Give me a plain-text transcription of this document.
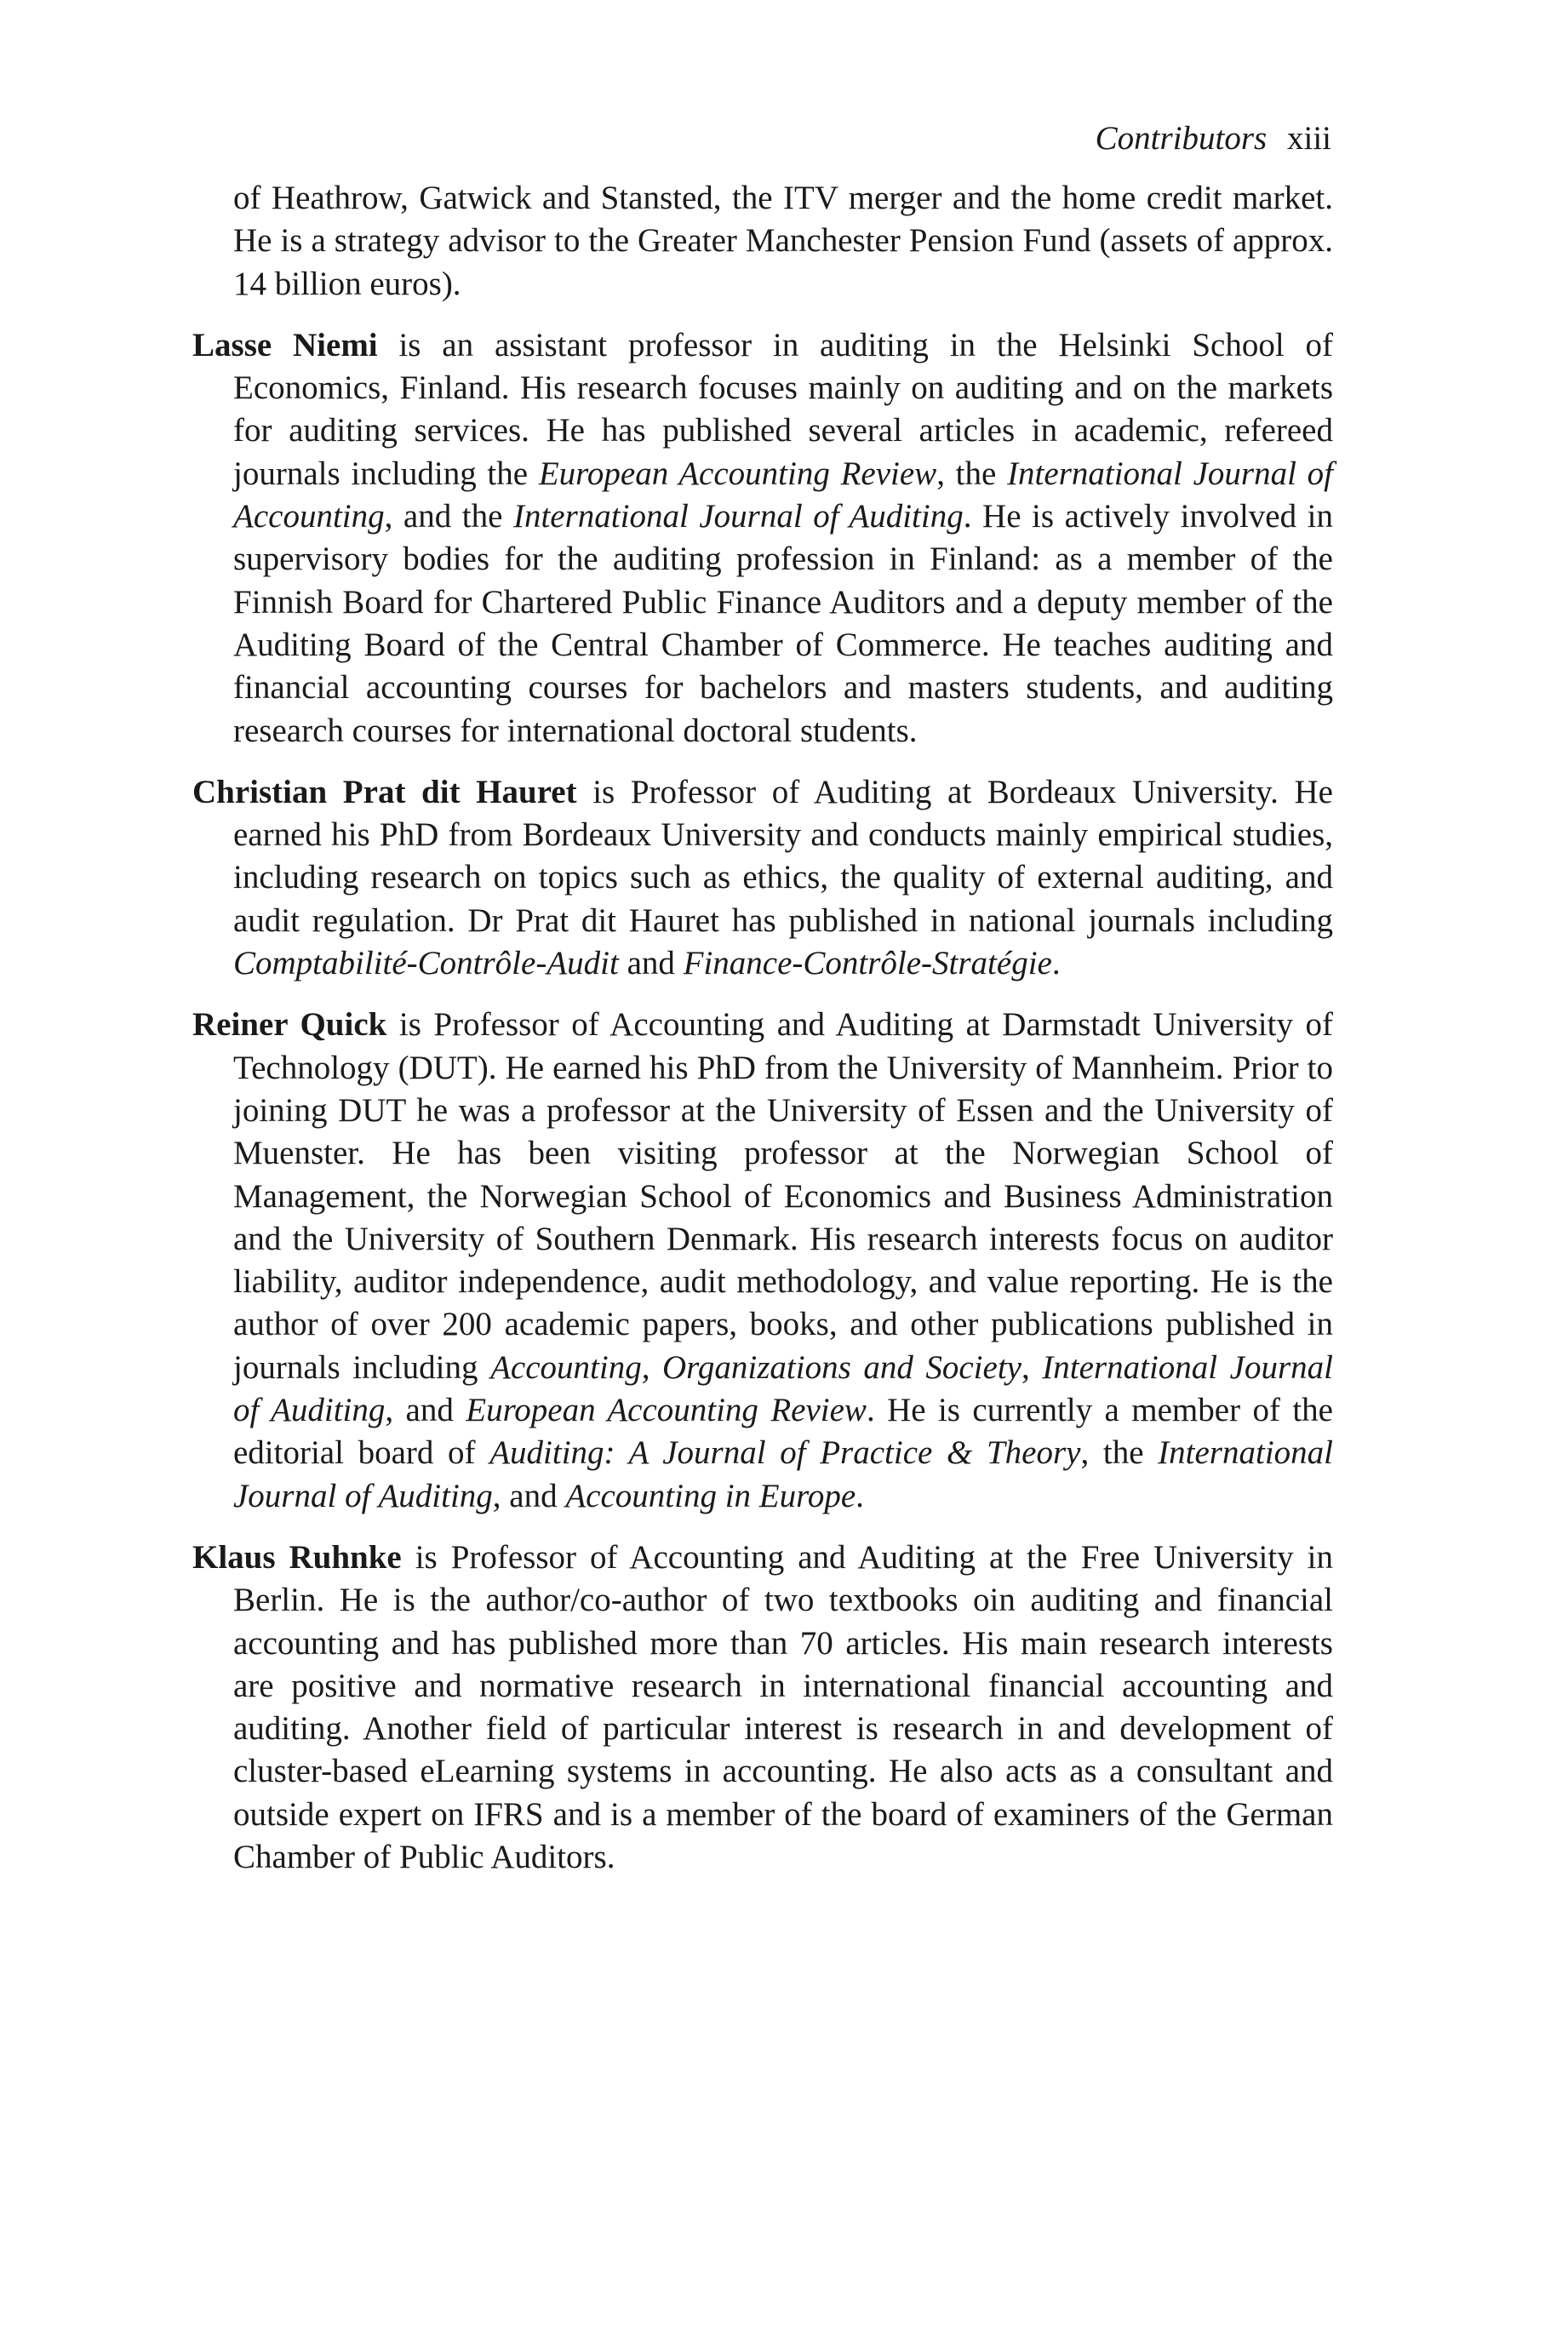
Contributors xiii

of Heathrow, Gatwick and Stansted, the ITV merger and the home credit market. He is a strategy advisor to the Greater Manchester Pension Fund (assets of approx. 14 billion euros).

Lasse Niemi is an assistant professor in auditing in the Helsinki School of Economics, Finland. His research focuses mainly on auditing and on the markets for auditing services. He has published several articles in academic, refereed journals including the European Accounting Review, the International Journal of Accounting, and the International Journal of Auditing. He is actively involved in supervisory bodies for the auditing profession in Finland: as a member of the Finnish Board for Chartered Public Finance Auditors and a deputy member of the Auditing Board of the Central Chamber of Commerce. He teaches auditing and financial accounting courses for bachelors and masters students, and auditing research courses for international doctoral students.

Christian Prat dit Hauret is Professor of Auditing at Bordeaux University. He earned his PhD from Bordeaux University and conducts mainly empirical studies, including research on topics such as ethics, the quality of external auditing, and audit regulation. Dr Prat dit Hauret has published in national journals including Comptabilité-Contrôle-Audit and Finance-Contrôle-Stratégie.

Reiner Quick is Professor of Accounting and Auditing at Darmstadt University of Technology (DUT). He earned his PhD from the University of Mannheim. Prior to joining DUT he was a professor at the University of Essen and the University of Muenster. He has been visiting professor at the Norwegian School of Management, the Norwegian School of Economics and Business Administration and the University of Southern Denmark. His research interests focus on auditor liability, auditor independence, audit methodology, and value reporting. He is the author of over 200 academic papers, books, and other publications published in journals including Accounting, Organizations and Society, International Journal of Auditing, and European Accounting Review. He is currently a member of the editorial board of Auditing: A Journal of Practice & Theory, the International Journal of Auditing, and Accounting in Europe.

Klaus Ruhnke is Professor of Accounting and Auditing at the Free University in Berlin. He is the author/co-author of two textbooks oin auditing and financial accounting and has published more than 70 articles. His main research interests are positive and normative research in international financial accounting and auditing. Another field of particular interest is research in and development of cluster-based eLearning systems in accounting. He also acts as a consultant and outside expert on IFRS and is a member of the board of examiners of the German Chamber of Public Auditors.
